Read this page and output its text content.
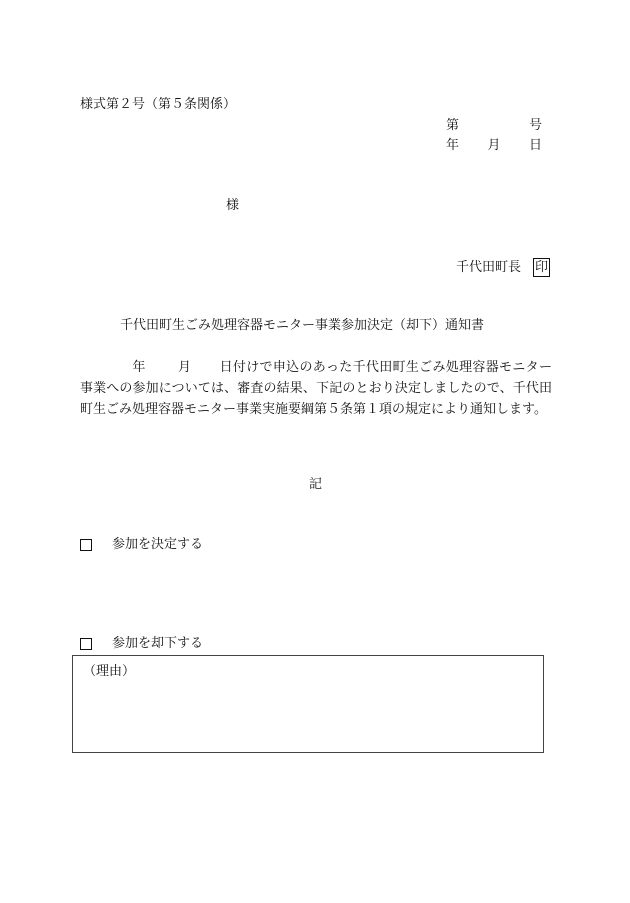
様式第２号（第５条関係）
第	号
年 月 日
様
千代田町長 印
千代田町生ごみ処理容器モニター事業参加決定（却下）通知書
年 月 日付けで申込のあった千代田町生ごみ処理容器モニター事業への参加については、審査の結果、下記のとおり決定しましたので、千代田町生ごみ処理容器モニター事業実施要綱第５条第１項の規定により通知します。
記
参加を決定する
参加を却下する
（理由）
